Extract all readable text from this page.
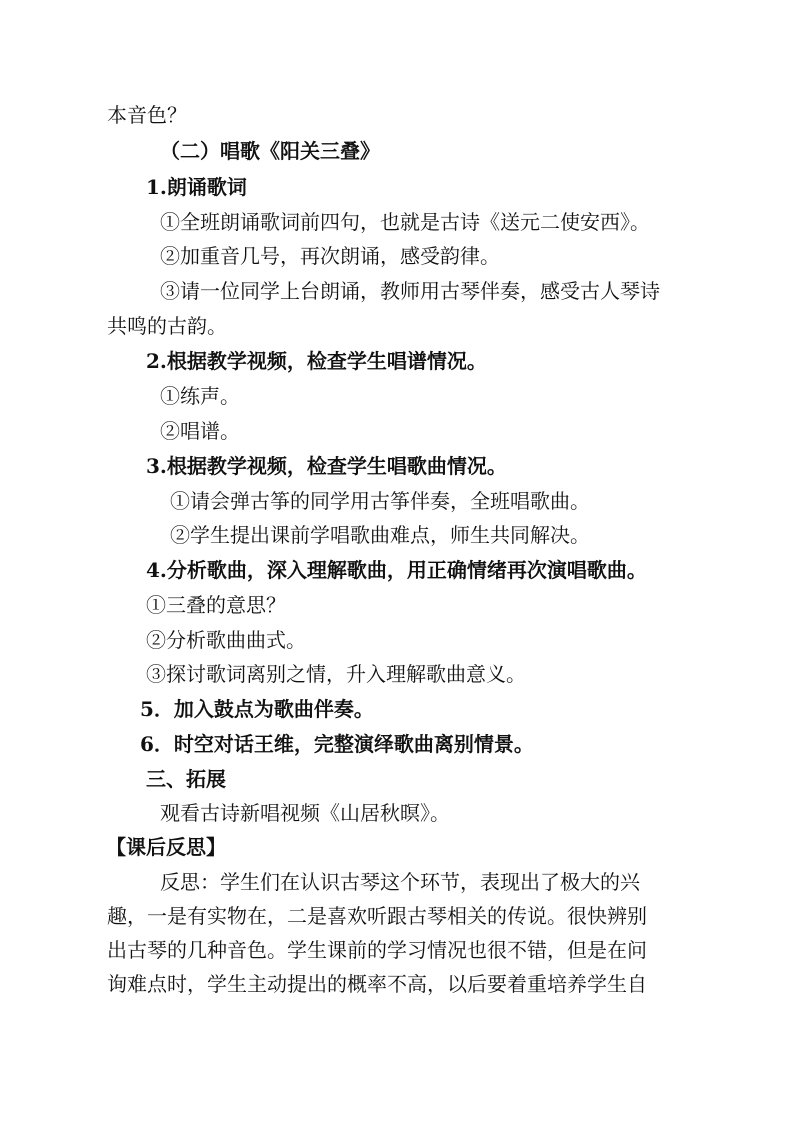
本音色？

（二）唱歌《阳关三叠》

1.朗诵歌词

①全班朗诵歌词前四句，也就是古诗《送元二使安西》。

②加重音几号，再次朗诵，感受韵律。

③请一位同学上台朗诵，教师用古琴伴奏，感受古人琴诗

共鸣的古韵。

2.根据教学视频，检查学生唱谱情况。

①练声。

②唱谱。

3.根据教学视频，检查学生唱歌曲情况。

①请会弹古筝的同学用古筝伴奏，全班唱歌曲。

②学生提出课前学唱歌曲难点，师生共同解决。

4.分析歌曲，深入理解歌曲，用正确情绪再次演唱歌曲。

①三叠的意思？

②分析歌曲曲式。

③探讨歌词离别之情，升入理解歌曲意义。

5．加入鼓点为歌曲伴奏。

6．时空对话王维，完整演绎歌曲离别情景。

三、拓展

观看古诗新唱视频《山居秋暝》。

【课后反思】

反思：学生们在认识古琴这个环节，表现出了极大的兴

趣，一是有实物在，二是喜欢听跟古琴相关的传说。很快辨别

出古琴的几种音色。学生课前的学习情况也很不错，但是在问

询难点时，学生主动提出的概率不高，以后要着重培养学生自
